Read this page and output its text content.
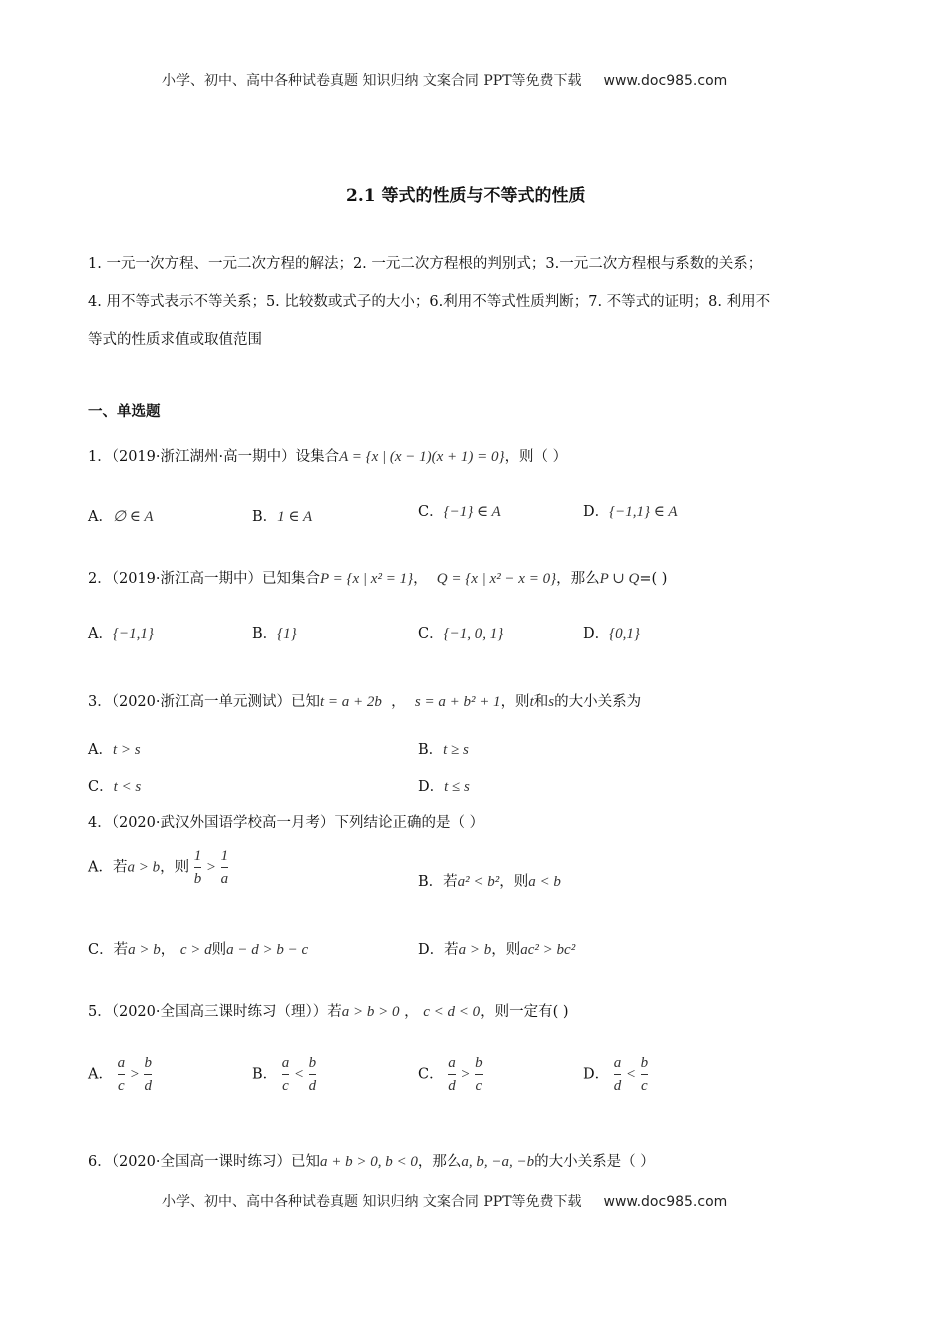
小学、初中、高中各种试卷真题 知识归纳 文案合同 PPT等免费下载 www.doc985.com
2.1 等式的性质与不等式的性质
1. 一元一次方程、一元二次方程的解法；2. 一元二次方程根的判别式；3.一元二次方程根与系数的关系；
4. 用不等式表示不等关系；5. 比较数或式子的大小；6.利用不等式性质判断；7. 不等式的证明；8. 利用不
等式的性质求值或取值范围
一、单选题
1．（2019·浙江湖州·高一期中）设集合A = {x | (x − 1)(x + 1) = 0}，则（ ）
A．∅ ∈ A	B．1 ∈ A	C．{−1} ∈ A	D．{−1,1} ∈ A
2．（2019·浙江高一期中）已知集合P = {x | x² = 1}， Q = {x | x² − x = 0}，那么P ∪ Q=( )
A．{−1,1}	B．{1}	C．{−1, 0, 1}	D．{0,1}
3．（2020·浙江高一单元测试）已知t = a + 2b ， s = a + b² + 1，则t和s的大小关系为
A．t > s	B．t ≥ s
C．t < s	D．t ≤ s
4．（2020·武汉外国语学校高一月考）下列结论正确的是（ ）
A．若a > b，则 $\frac{1}{b} > \frac{1}{a}$	B．若a² < b²，则a < b
C．若a > b， c > d则a − d > b − c	D．若a > b，则ac² > bc²
5．（2020·全国高三课时练习（理））若a > b > 0 ， c < d < 0，则一定有( )
A． $\frac{a}{c} > \frac{b}{d}$	B． $\frac{a}{c} < \frac{b}{d}$	C． $\frac{a}{d} > \frac{b}{c}$	D． $\frac{a}{d} < \frac{b}{c}$
6．（2020·全国高一课时练习）已知a + b > 0, b < 0，那么a, b, −a, −b的大小关系是（ ）
小学、初中、高中各种试卷真题 知识归纳 文案合同 PPT等免费下载 www.doc985.com
